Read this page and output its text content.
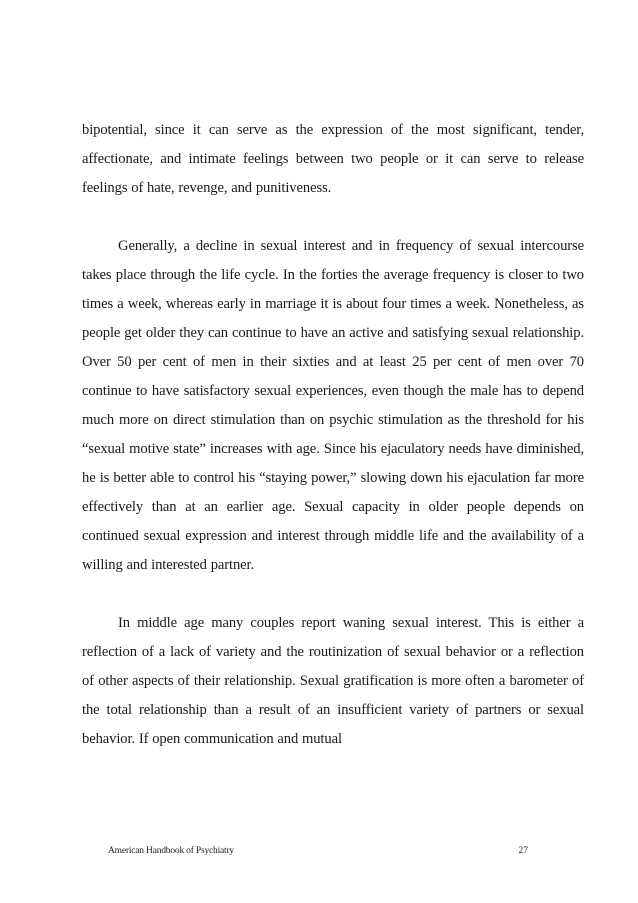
bipotential, since it can serve as the expression of the most significant, tender, affectionate, and intimate feelings between two people or it can serve to release feelings of hate, revenge, and punitiveness.

Generally, a decline in sexual interest and in frequency of sexual intercourse takes place through the life cycle. In the forties the average frequency is closer to two times a week, whereas early in marriage it is about four times a week. Nonetheless, as people get older they can continue to have an active and satisfying sexual relationship. Over 50 per cent of men in their sixties and at least 25 per cent of men over 70 continue to have satisfactory sexual experiences, even though the male has to depend much more on direct stimulation than on psychic stimulation as the threshold for his “sexual motive state” increases with age. Since his ejaculatory needs have diminished, he is better able to control his “staying power,” slowing down his ejaculation far more effectively than at an earlier age. Sexual capacity in older people depends on continued sexual expression and interest through middle life and the availability of a willing and interested partner.

In middle age many couples report waning sexual interest. This is either a reflection of a lack of variety and the routinization of sexual behavior or a reflection of other aspects of their relationship. Sexual gratification is more often a barometer of the total relationship than a result of an insufficient variety of partners or sexual behavior. If open communication and mutual

American Handbook of Psychiatry	27
